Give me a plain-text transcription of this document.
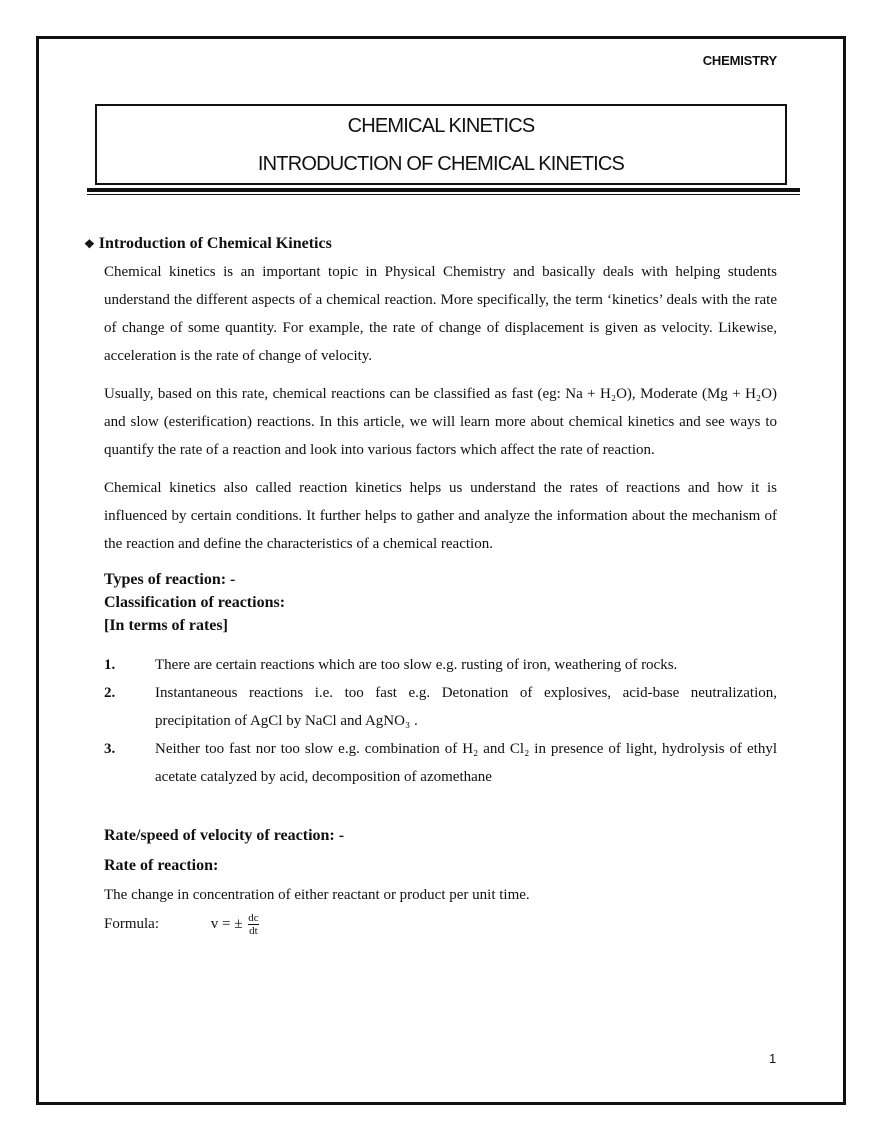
CHEMISTRY
CHEMICAL KINETICS
INTRODUCTION OF CHEMICAL KINETICS
❖ Introduction of Chemical Kinetics
Chemical kinetics is an important topic in Physical Chemistry and basically deals with helping students understand the different aspects of a chemical reaction. More specifically, the term ‘kinetics’ deals with the rate of change of some quantity. For example, the rate of change of displacement is given as velocity. Likewise, acceleration is the rate of change of velocity.
Usually, based on this rate, chemical reactions can be classified as fast (eg: Na + H₂O), Moderate (Mg + H₂O) and slow (esterification) reactions. In this article, we will learn more about chemical kinetics and see ways to quantify the rate of a reaction and look into various factors which affect the rate of reaction.
Chemical kinetics also called reaction kinetics helps us understand the rates of reactions and how it is influenced by certain conditions. It further helps to gather and analyze the information about the mechanism of the reaction and define the characteristics of a chemical reaction.
Types of reaction: -
Classification of reactions:
[In terms of rates]
1.	There are certain reactions which are too slow e.g. rusting of iron, weathering of rocks.
2.	Instantaneous reactions i.e. too fast e.g. Detonation of explosives, acid-base neutralization, precipitation of AgCl by NaCl and AgNO₃ .
3.	Neither too fast nor too slow e.g. combination of H₂ and Cl₂ in presence of light, hydrolysis of ethyl acetate catalyzed by acid, decomposition of azomethane
Rate/speed of velocity of reaction: -
Rate of reaction:
The change in concentration of either reactant or product per unit time.
Formula:	v = ± $\frac{dc}{dt}$
1
